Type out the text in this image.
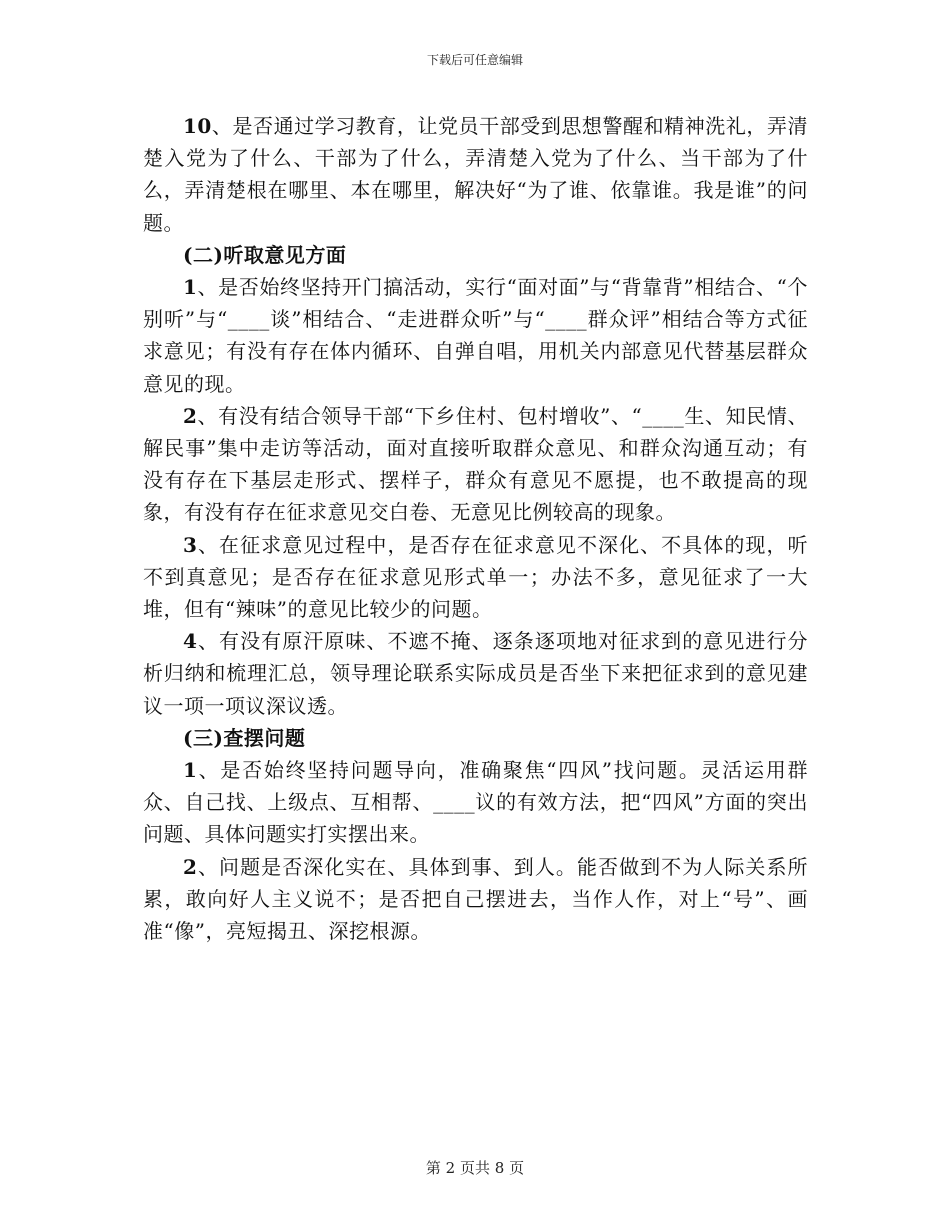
下载后可任意编辑

10、是否通过学习教育，让党员干部受到思想警醒和精神洗礼，弄清楚入党为了什么、干部为了什么，弄清楚入党为了什么、当干部为了什么，弄清楚根在哪里、本在哪里，解决好“为了谁、依靠谁。我是谁”的问题。

(二)听取意见方面

1、是否始终坚持开门搞活动，实行“面对面”与“背靠背”相结合、“个别听”与“____谈”相结合、“走进群众听”与“____群众评”相结合等方式征求意见；有没有存在体内循环、自弹自唱，用机关内部意见代替基层群众意见的现。

2、有没有结合领导干部“下乡住村、包村增收”、“____生、知民情、解民事”集中走访等活动，面对直接听取群众意见、和群众沟通互动；有没有存在下基层走形式、摆样子，群众有意见不愿提，也不敢提高的现象，有没有存在征求意见交白卷、无意见比例较高的现象。

3、在征求意见过程中，是否存在征求意见不深化、不具体的现，听不到真意见；是否存在征求意见形式单一；办法不多，意见征求了一大堆，但有“辣味”的意见比较少的问题。

4、有没有原汗原味、不遮不掩、逐条逐项地对征求到的意见进行分析归纳和梳理汇总，领导理论联系实际成员是否坐下来把征求到的意见建议一项一项议深议透。

(三)查摆问题

1、是否始终坚持问题导向，准确聚焦“四风”找问题。灵活运用群众、自己找、上级点、互相帮、____议的有效方法，把“四风”方面的突出问题、具体问题实打实摆出来。

2、问题是否深化实在、具体到事、到人。能否做到不为人际关系所累，敢向好人主义说不；是否把自己摆进去，当作人作，对上“号”、画准“像”，亮短揭丑、深挖根源。

第 2 页共 8 页
